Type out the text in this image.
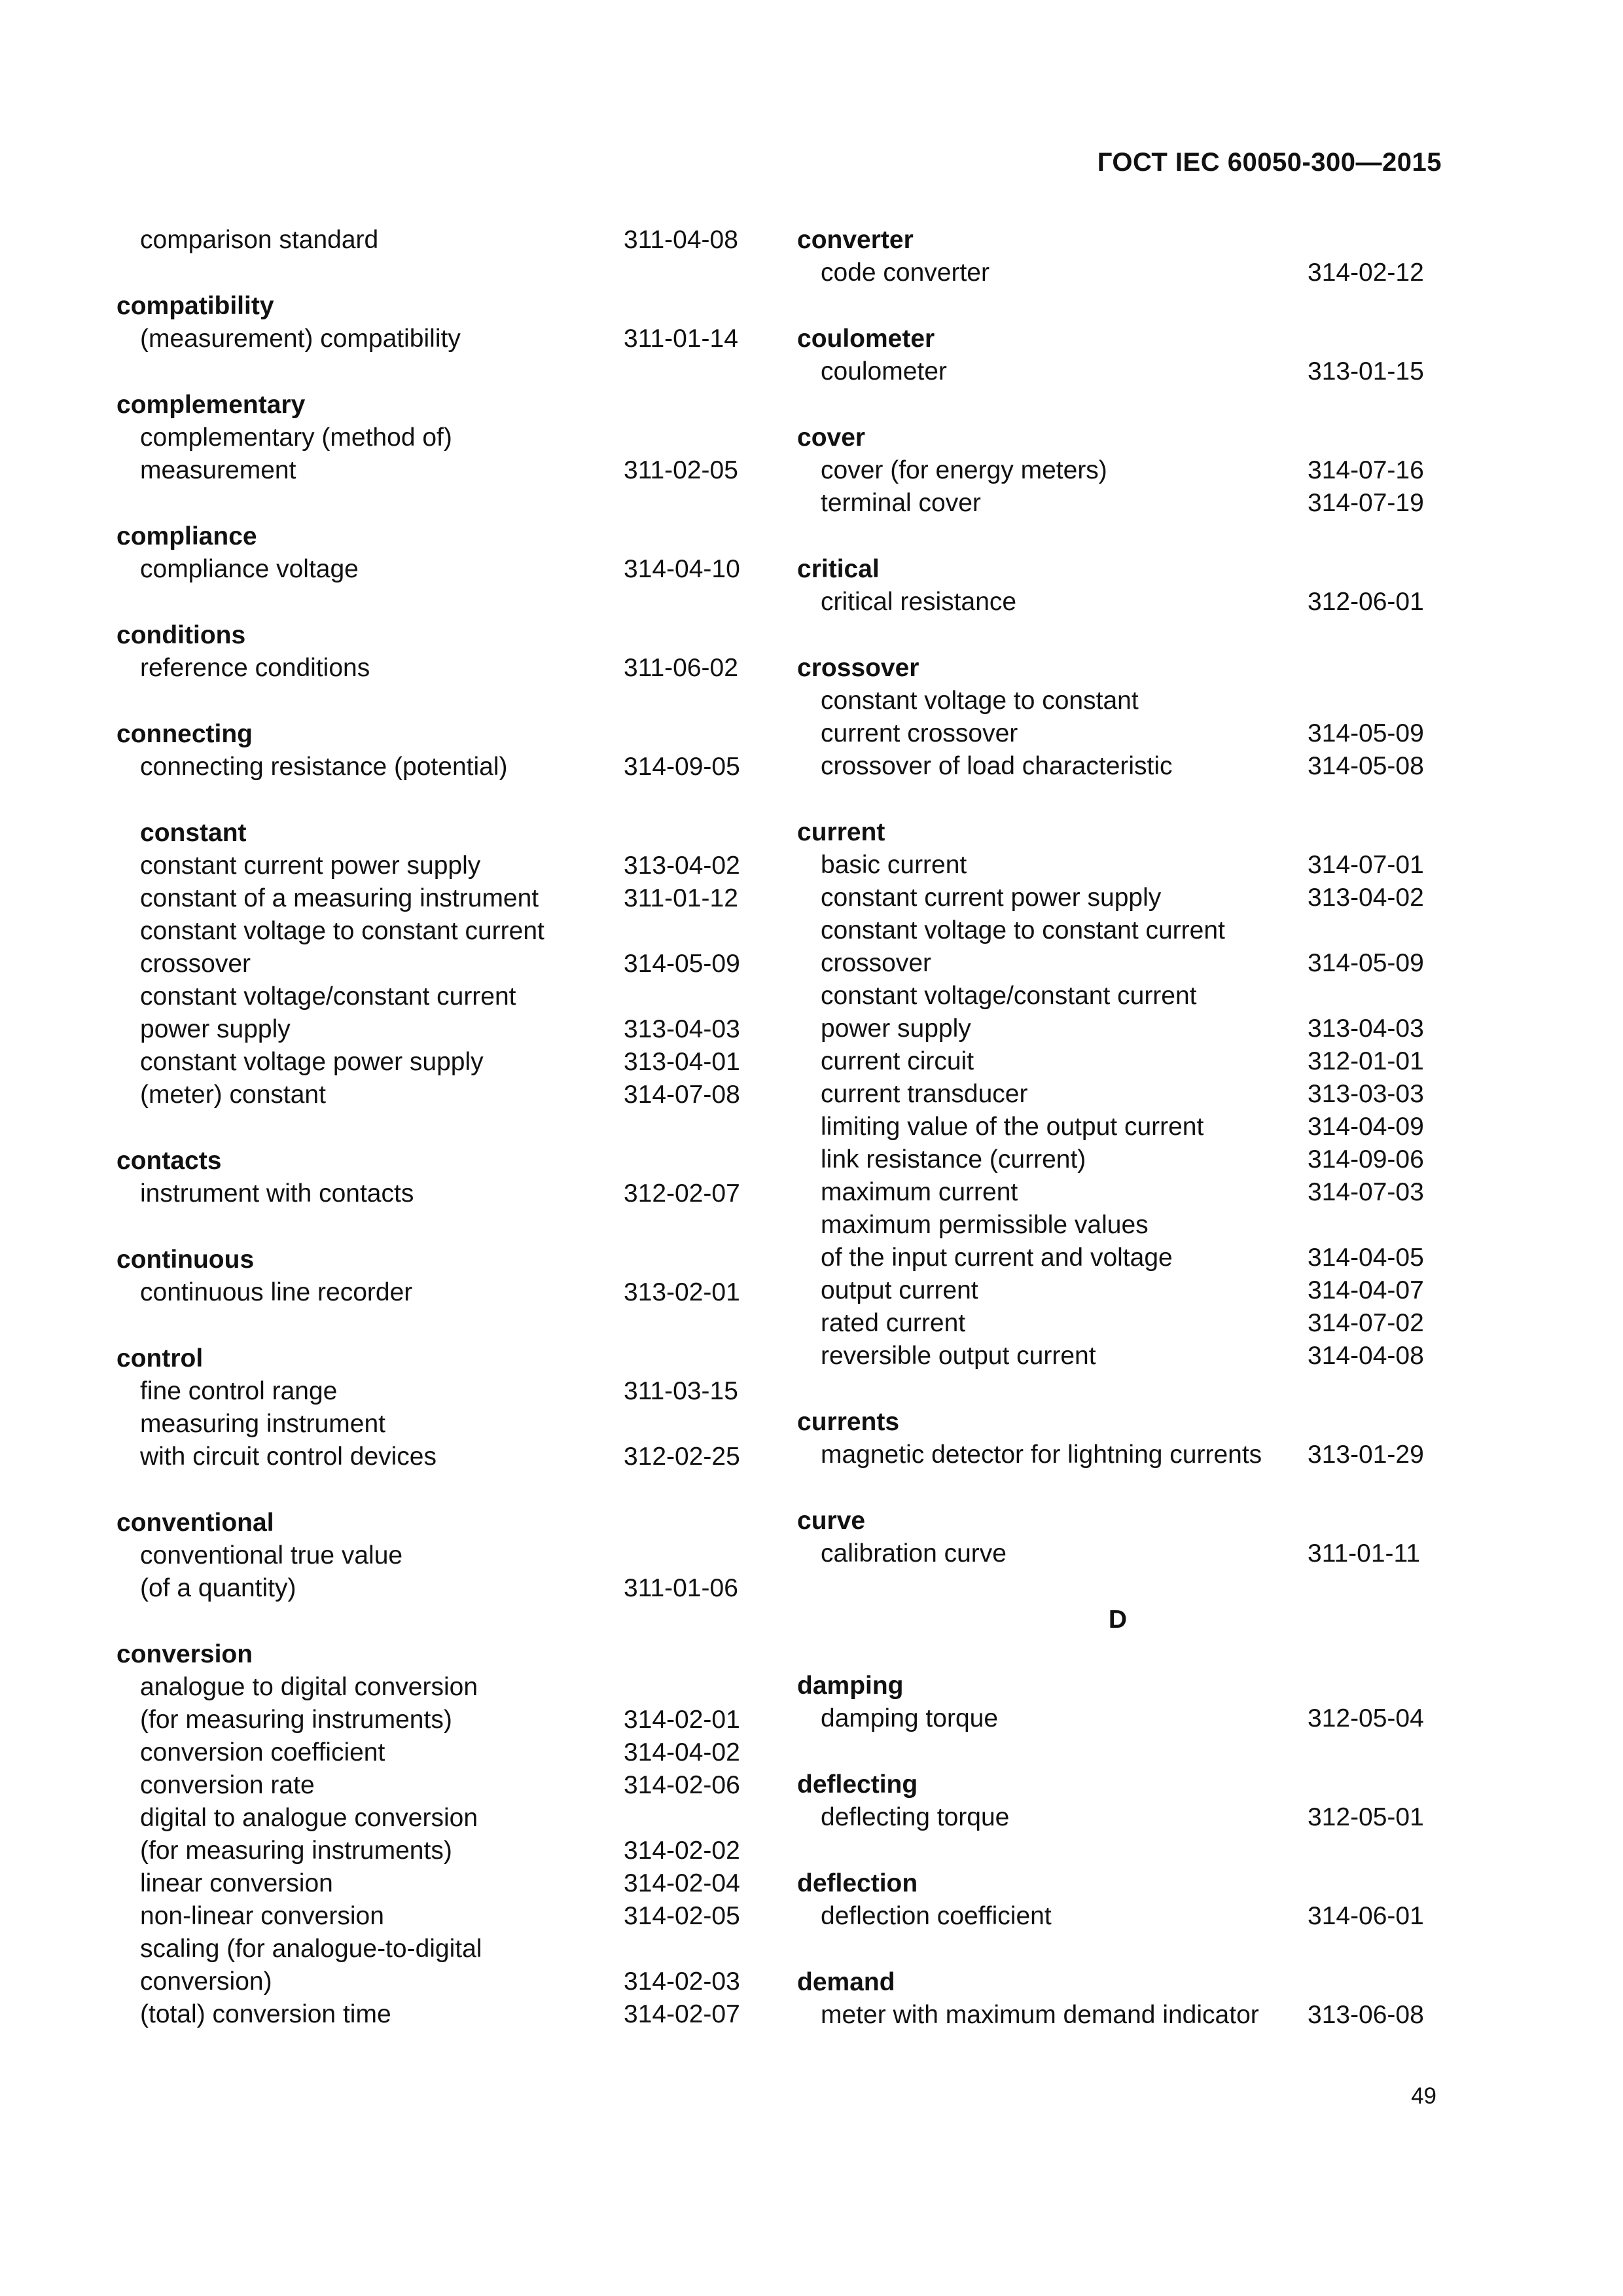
ГОСТ IEC 60050-300—2015
comparison standard	311-04-08
compatibility
(measurement) compatibility	311-01-14
complementary
complementary (method of)
measurement	311-02-05
compliance
compliance voltage	314-04-10
conditions
reference conditions	311-06-02
connecting
connecting resistance (potential)	314-09-05
constant
constant current power supply	313-04-02
constant of a measuring instrument	311-01-12
constant voltage to constant current
crossover	314-05-09
constant voltage/constant current
power supply	313-04-03
constant voltage power supply	313-04-01
(meter) constant	314-07-08
contacts
instrument with contacts	312-02-07
continuous
continuous line recorder	313-02-01
control
fine control range	311-03-15
measuring instrument
with circuit control devices	312-02-25
conventional
conventional true value
(of a quantity)	311-01-06
conversion
analogue to digital conversion
(for measuring instruments)	314-02-01
conversion coefficient	314-04-02
conversion rate	314-02-06
digital to analogue conversion
(for measuring instruments)	314-02-02
linear conversion	314-02-04
non-linear conversion	314-02-05
scaling (for analogue-to-digital
conversion)	314-02-03
(total) conversion time	314-02-07
converter
code converter	314-02-12
coulometer
coulometer	313-01-15
cover
cover (for energy meters)	314-07-16
terminal cover	314-07-19
critical
critical resistance	312-06-01
crossover
constant voltage to constant
current crossover	314-05-09
crossover of load characteristic	314-05-08
current
basic current	314-07-01
constant current power supply	313-04-02
constant voltage to constant current
crossover	314-05-09
constant voltage/constant current
power supply	313-04-03
current circuit	312-01-01
current transducer	313-03-03
limiting value of the output current	314-04-09
link resistance (current)	314-09-06
maximum current	314-07-03
maximum permissible values
of the input current and voltage	314-04-05
output current	314-04-07
rated current	314-07-02
reversible output current	314-04-08
currents
magnetic detector for lightning currents	313-01-29
curve
calibration curve	311-01-11
D
damping
damping torque	312-05-04
deflecting
deflecting torque	312-05-01
deflection
deflection coefficient	314-06-01
demand
meter with maximum demand indicator	313-06-08
49
